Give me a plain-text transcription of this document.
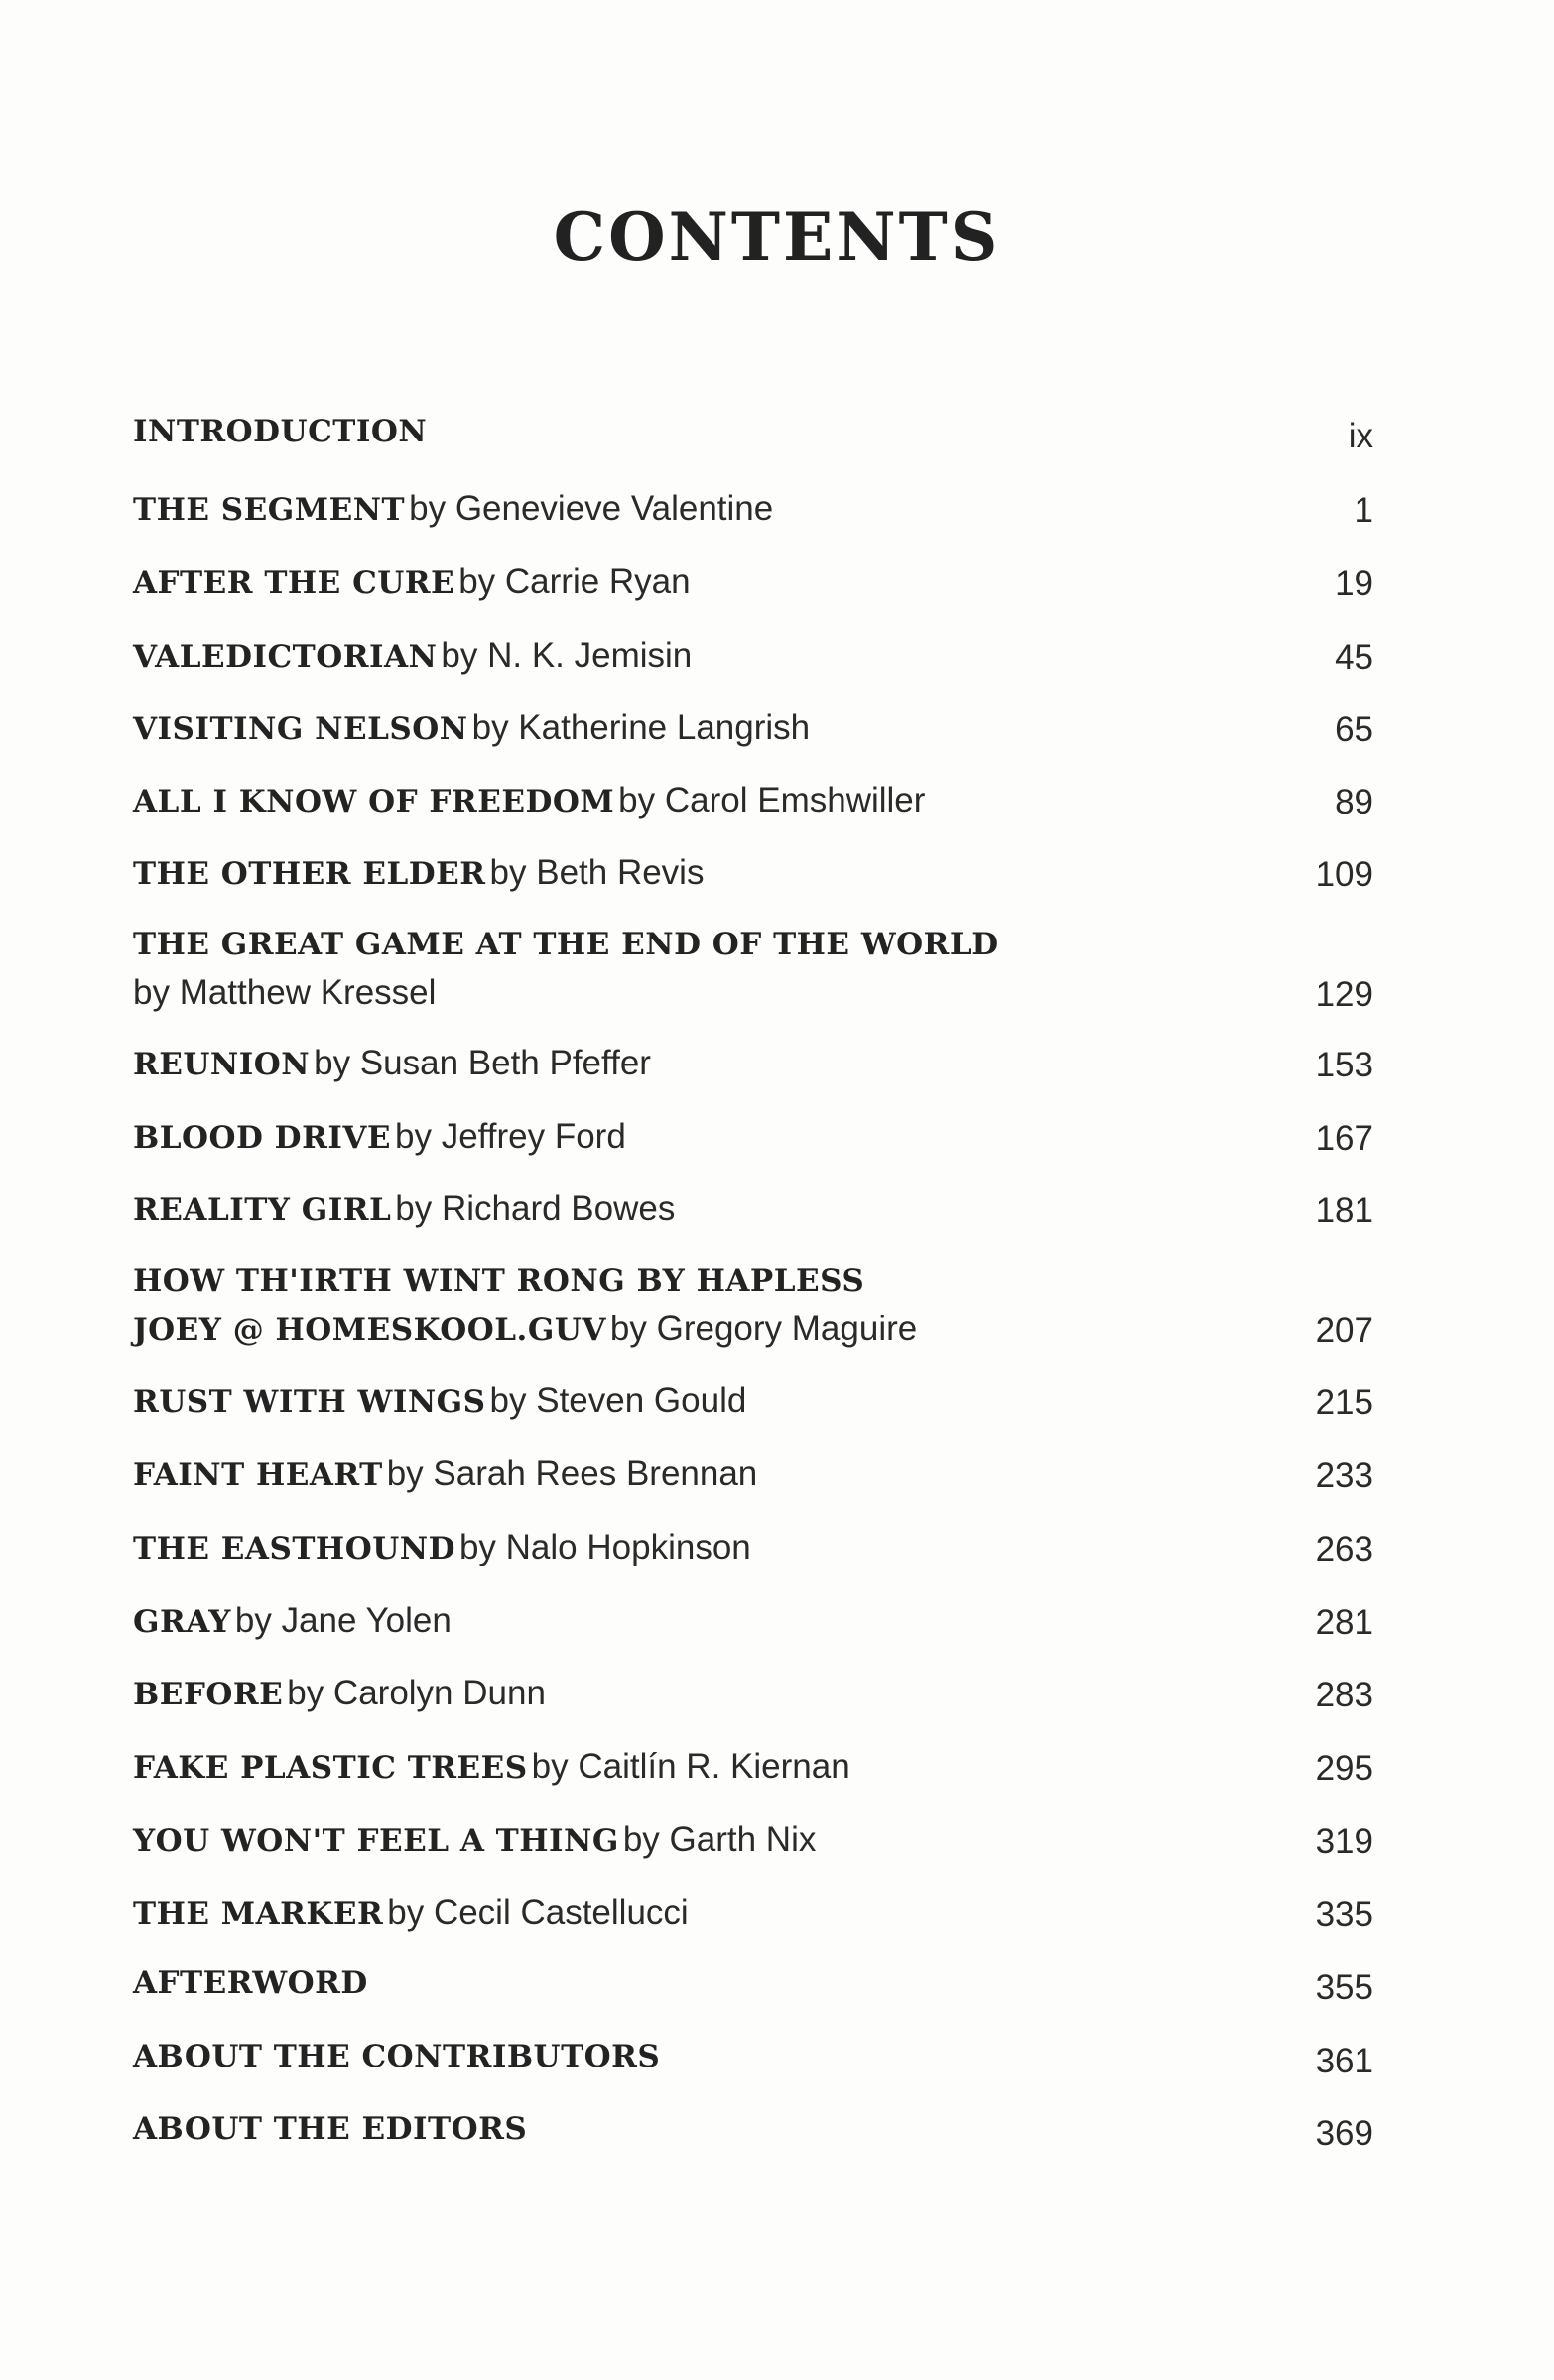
CONTENTS
INTRODUCTION	ix
THE SEGMENT by Genevieve Valentine	1
AFTER THE CURE by Carrie Ryan	19
VALEDICTORIAN by N. K. Jemisin	45
VISITING NELSON by Katherine Langrish	65
ALL I KNOW OF FREEDOM by Carol Emshwiller	89
THE OTHER ELDER by Beth Revis	109
THE GREAT GAME AT THE END OF THE WORLD
by Matthew Kressel	129
REUNION by Susan Beth Pfeffer	153
BLOOD DRIVE by Jeffrey Ford	167
REALITY GIRL by Richard Bowes	181
HOW TH'IRTH WINT RONG BY HAPLESS
JOEY @ HOMESKOOL.GUV by Gregory Maguire	207
RUST WITH WINGS by Steven Gould	215
FAINT HEART by Sarah Rees Brennan	233
THE EASTHOUND by Nalo Hopkinson	263
GRAY by Jane Yolen	281
BEFORE by Carolyn Dunn	283
FAKE PLASTIC TREES by Caitlín R. Kiernan	295
YOU WON'T FEEL A THING by Garth Nix	319
THE MARKER by Cecil Castellucci	335
AFTERWORD	355
ABOUT THE CONTRIBUTORS	361
ABOUT THE EDITORS	369
